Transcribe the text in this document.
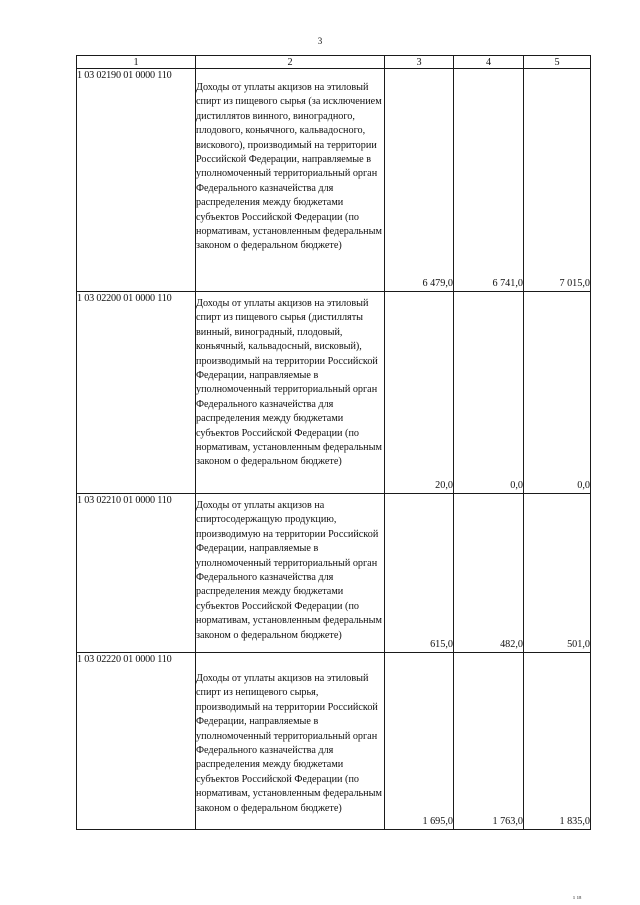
3
1	2	3	4	5
1 03 02190 01 0000 110	Доходы от уплаты акцизов на этиловый спирт из пищевого сырья (за исключением дистиллятов винного, виноградного, плодового, коньячного, кальвадосного, вискового), производимый на территории Российской Федерации, направляемые в уполномоченный территориальный орган Федерального казначейства для распределения между бюджетами субъектов Российской Федерации (по нормативам, установленным федеральным законом о федеральном бюджете)	6 479,0	6 741,0	7 015,0
1 03 02200 01 0000 110	Доходы от уплаты акцизов на этиловый спирт из пищевого сырья (дистилляты винный, виноградный, плодовый, коньячный, кальвадосный, висковый), производимый на территории Российской Федерации, направляемые в уполномоченный территориальный орган Федерального казначейства для распределения между бюджетами субъектов Российской Федерации (по нормативам, установленным федеральным законом о федеральном бюджете)	20,0	0,0	0,0
1 03 02210 01 0000 110	Доходы от уплаты акцизов на спиртосодержащую продукцию, производимую на территории Российской Федерации, направляемые в уполномоченный территориальный орган Федерального казначейства для распределения между бюджетами субъектов Российской Федерации (по нормативам, установленным федеральным законом о федеральном бюджете)	615,0	482,0	501,0
1 03 02220 01 0000 110	Доходы от уплаты акцизов на этиловый спирт из непищевого сырья, производимый на территории Российской Федерации, направляемые в уполномоченный территориальный орган Федерального казначейства для распределения между бюджетами субъектов Российской Федерации (по нормативам, установленным федеральным законом о федеральном бюджете)	1 695,0	1 763,0	1 835,0
¹ ¹⁸
